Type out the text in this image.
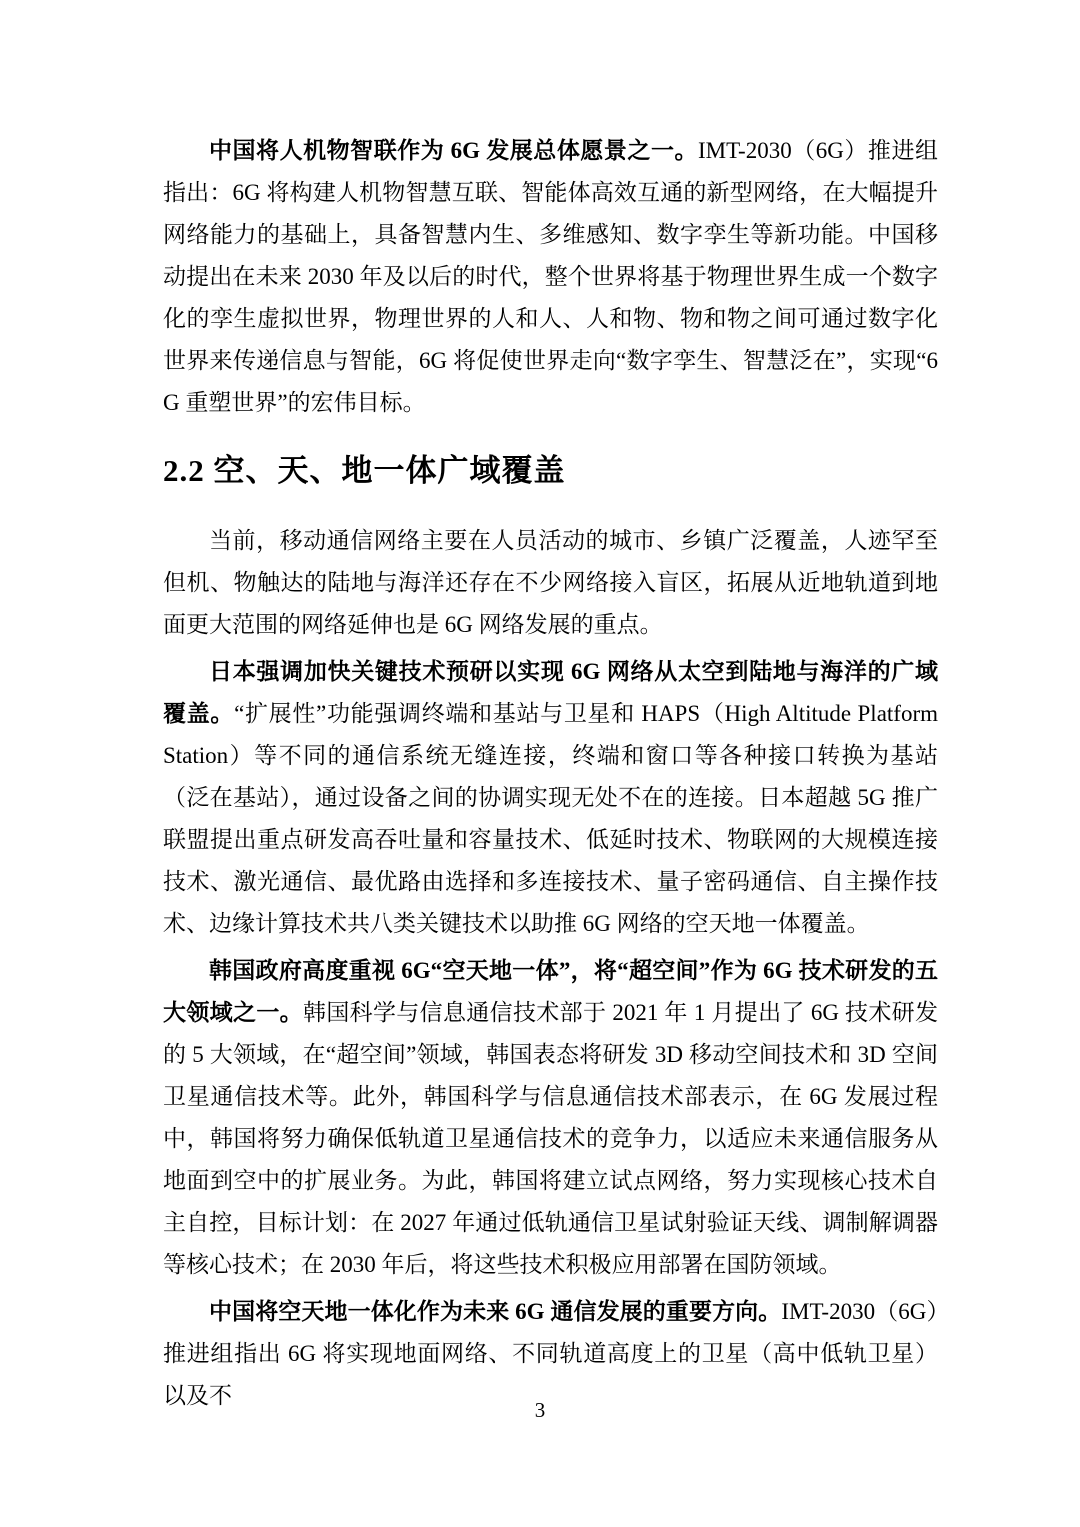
中国将人机物智联作为 6G 发展总体愿景之一。IMT-2030（6G）推进组指出：6G 将构建人机物智慧互联、智能体高效互通的新型网络，在大幅提升网络能力的基础上，具备智慧内生、多维感知、数字孪生等新功能。中国移动提出在未来 2030 年及以后的时代，整个世界将基于物理世界生成一个数字化的孪生虚拟世界，物理世界的人和人、人和物、物和物之间可通过数字化世界来传递信息与智能，6G 将促使世界走向“数字孪生、智慧泛在”，实现“6G 重塑世界”的宏伟目标。

2.2 空、天、地一体广域覆盖

当前，移动通信网络主要在人员活动的城市、乡镇广泛覆盖，人迹罕至但机、物触达的陆地与海洋还存在不少网络接入盲区，拓展从近地轨道到地面更大范围的网络延伸也是 6G 网络发展的重点。

日本强调加快关键技术预研以实现 6G 网络从太空到陆地与海洋的广域覆盖。“扩展性”功能强调终端和基站与卫星和 HAPS（High Altitude Platform Station）等不同的通信系统无缝连接，终端和窗口等各种接口转换为基站（泛在基站），通过设备之间的协调实现无处不在的连接。日本超越 5G 推广联盟提出重点研发高吞吐量和容量技术、低延时技术、物联网的大规模连接技术、激光通信、最优路由选择和多连接技术、量子密码通信、自主操作技术、边缘计算技术共八类关键技术以助推 6G 网络的空天地一体覆盖。

韩国政府高度重视 6G“空天地一体”，将“超空间”作为 6G 技术研发的五大领域之一。韩国科学与信息通信技术部于 2021 年 1 月提出了 6G 技术研发的 5 大领域，在“超空间”领域，韩国表态将研发 3D 移动空间技术和 3D 空间卫星通信技术等。此外，韩国科学与信息通信技术部表示，在 6G 发展过程中，韩国将努力确保低轨道卫星通信技术的竞争力，以适应未来通信服务从地面到空中的扩展业务。为此，韩国将建立试点网络，努力实现核心技术自主自控，目标计划：在 2027 年通过低轨通信卫星试射验证天线、调制解调器等核心技术；在 2030 年后，将这些技术积极应用部署在国防领域。

中国将空天地一体化作为未来 6G 通信发展的重要方向。IMT-2030（6G）推进组指出 6G 将实现地面网络、不同轨道高度上的卫星（高中低轨卫星）以及不

3
